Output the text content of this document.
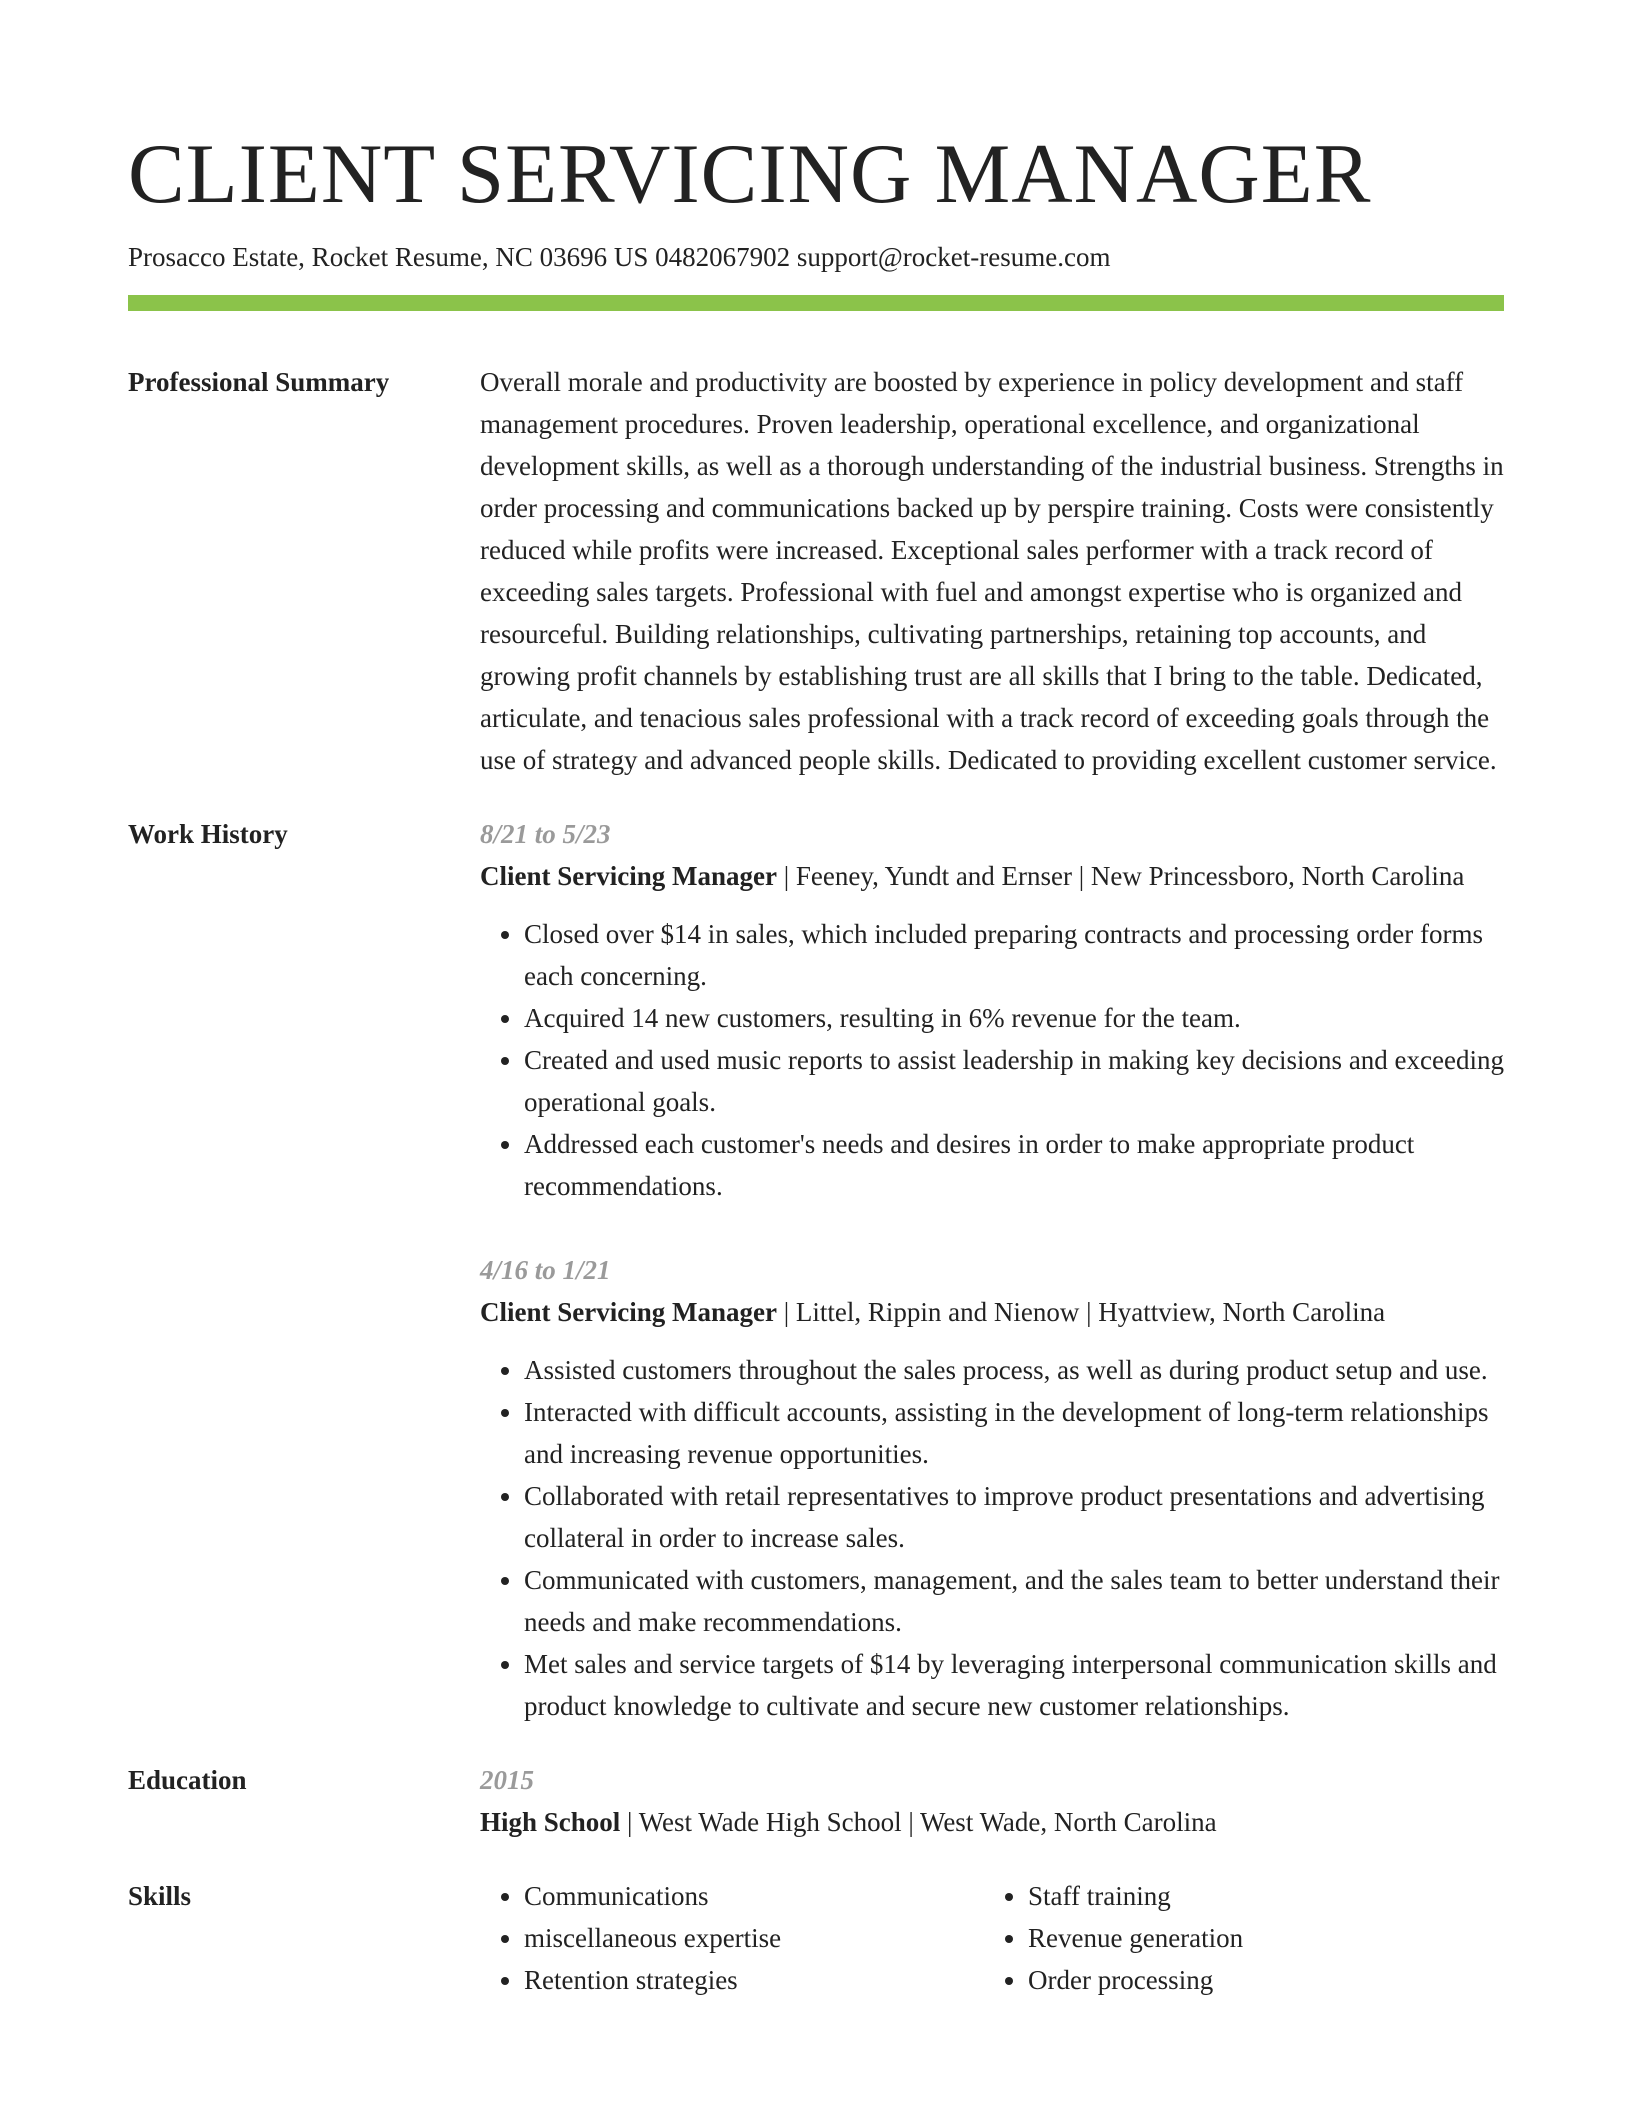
CLIENT SERVICING MANAGER
Prosacco Estate, Rocket Resume, NC 03696 US 0482067902 support@rocket-resume.com
Professional Summary	Overall morale and productivity are boosted by experience in policy development and staff management procedures. Proven leadership, operational excellence, and organizational development skills, as well as a thorough understanding of the industrial business. Strengths in order processing and communications backed up by perspire training. Costs were consistently reduced while profits were increased. Exceptional sales performer with a track record of exceeding sales targets. Professional with fuel and amongst expertise who is organized and resourceful. Building relationships, cultivating partnerships, retaining top accounts, and growing profit channels by establishing trust are all skills that I bring to the table. Dedicated, articulate, and tenacious sales professional with a track record of exceeding goals through the use of strategy and advanced people skills. Dedicated to providing excellent customer service.
Work History	8/21 to 5/23
Client Servicing Manager | Feeney, Yundt and Ernser | New Princessboro, North Carolina
• Closed over $14 in sales, which included preparing contracts and processing order forms each concerning.
• Acquired 14 new customers, resulting in 6% revenue for the team.
• Created and used music reports to assist leadership in making key decisions and exceeding operational goals.
• Addressed each customer's needs and desires in order to make appropriate product recommendations.
4/16 to 1/21
Client Servicing Manager | Littel, Rippin and Nienow | Hyattview, North Carolina
• Assisted customers throughout the sales process, as well as during product setup and use.
• Interacted with difficult accounts, assisting in the development of long-term relationships and increasing revenue opportunities.
• Collaborated with retail representatives to improve product presentations and advertising collateral in order to increase sales.
• Communicated with customers, management, and the sales team to better understand their needs and make recommendations.
• Met sales and service targets of $14 by leveraging interpersonal communication skills and product knowledge to cultivate and secure new customer relationships.
Education	2015
High School | West Wade High School | West Wade, North Carolina
Skills
•	Communications
• miscellaneous expertise
• Retention strategies
• Staff training
• Revenue generation
• Order processing
